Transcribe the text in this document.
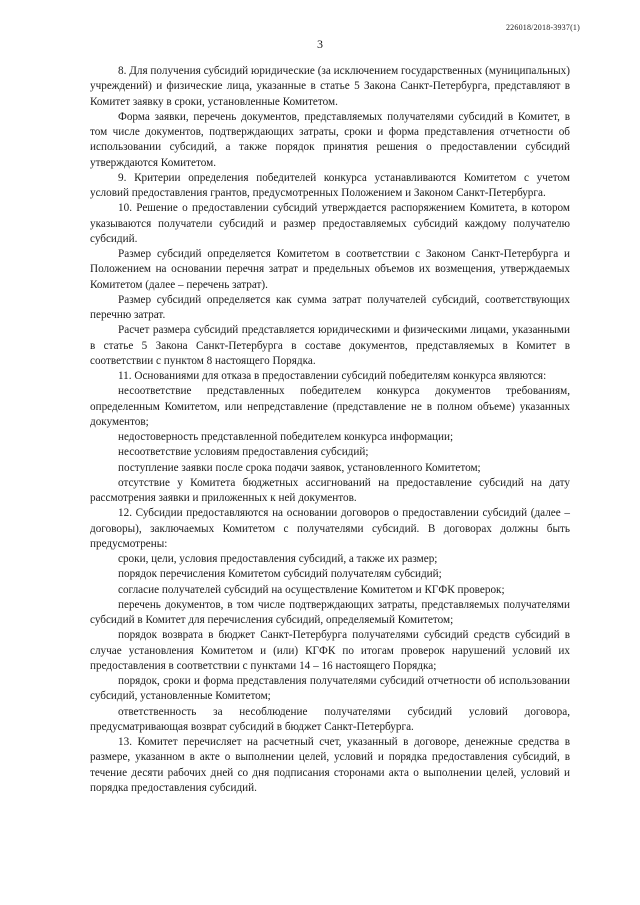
226018/2018-3937(1)
3

8. Для получения субсидий юридические (за исключением государственных (муниципальных) учреждений) и физические лица, указанные в статье 5 Закона Санкт-Петербурга, представляют в Комитет заявку в сроки, установленные Комитетом.

Форма заявки, перечень документов, представляемых получателями субсидий в Комитет, в том числе документов, подтверждающих затраты, сроки и форма представления отчетности об использовании субсидий, а также порядок принятия решения о предоставлении субсидий утверждаются Комитетом.

9. Критерии определения победителей конкурса устанавливаются Комитетом с учетом условий предоставления грантов, предусмотренных Положением и Законом Санкт-Петербурга.

10. Решение о предоставлении субсидий утверждается распоряжением Комитета, в котором указываются получатели субсидий и размер предоставляемых субсидий каждому получателю субсидий.

Размер субсидий определяется Комитетом в соответствии с Законом Санкт-Петербурга и Положением на основании перечня затрат и предельных объемов их возмещения, утверждаемых Комитетом (далее – перечень затрат).

Размер субсидий определяется как сумма затрат получателей субсидий, соответствующих перечню затрат.

Расчет размера субсидий представляется юридическими и физическими лицами, указанными в статье 5 Закона Санкт-Петербурга в составе документов, представляемых в Комитет в соответствии с пунктом 8 настоящего Порядка.

11. Основаниями для отказа в предоставлении субсидий победителям конкурса являются:

несоответствие представленных победителем конкурса документов требованиям, определенным Комитетом, или непредставление (представление не в полном объеме) указанных документов;

недостоверность представленной победителем конкурса информации;

несоответствие условиям предоставления субсидий;

поступление заявки после срока подачи заявок, установленного Комитетом;

отсутствие у Комитета бюджетных ассигнований на предоставление субсидий на дату рассмотрения заявки и приложенных к ней документов.

12. Субсидии предоставляются на основании договоров о предоставлении субсидий (далее – договоры), заключаемых Комитетом с получателями субсидий. В договорах должны быть предусмотрены:

сроки, цели, условия предоставления субсидий, а также их размер;

порядок перечисления Комитетом субсидий получателям субсидий;

согласие получателей субсидий на осуществление Комитетом и КГФК проверок;

перечень документов, в том числе подтверждающих затраты, представляемых получателями субсидий в Комитет для перечисления субсидий, определяемый Комитетом;

порядок возврата в бюджет Санкт-Петербурга получателями субсидий средств субсидий в случае установления Комитетом и (или) КГФК по итогам проверок нарушений условий их предоставления в соответствии с пунктами 14 – 16 настоящего Порядка;

порядок, сроки и форма представления получателями субсидий отчетности об использовании субсидий, установленные Комитетом;

ответственность за несоблюдение получателями субсидий условий договора, предусматривающая возврат субсидий в бюджет Санкт-Петербурга.

13. Комитет перечисляет на расчетный счет, указанный в договоре, денежные средства в размере, указанном в акте о выполнении целей, условий и порядка предоставления субсидий, в течение десяти рабочих дней со дня подписания сторонами акта о выполнении целей, условий и порядка предоставления субсидий.
